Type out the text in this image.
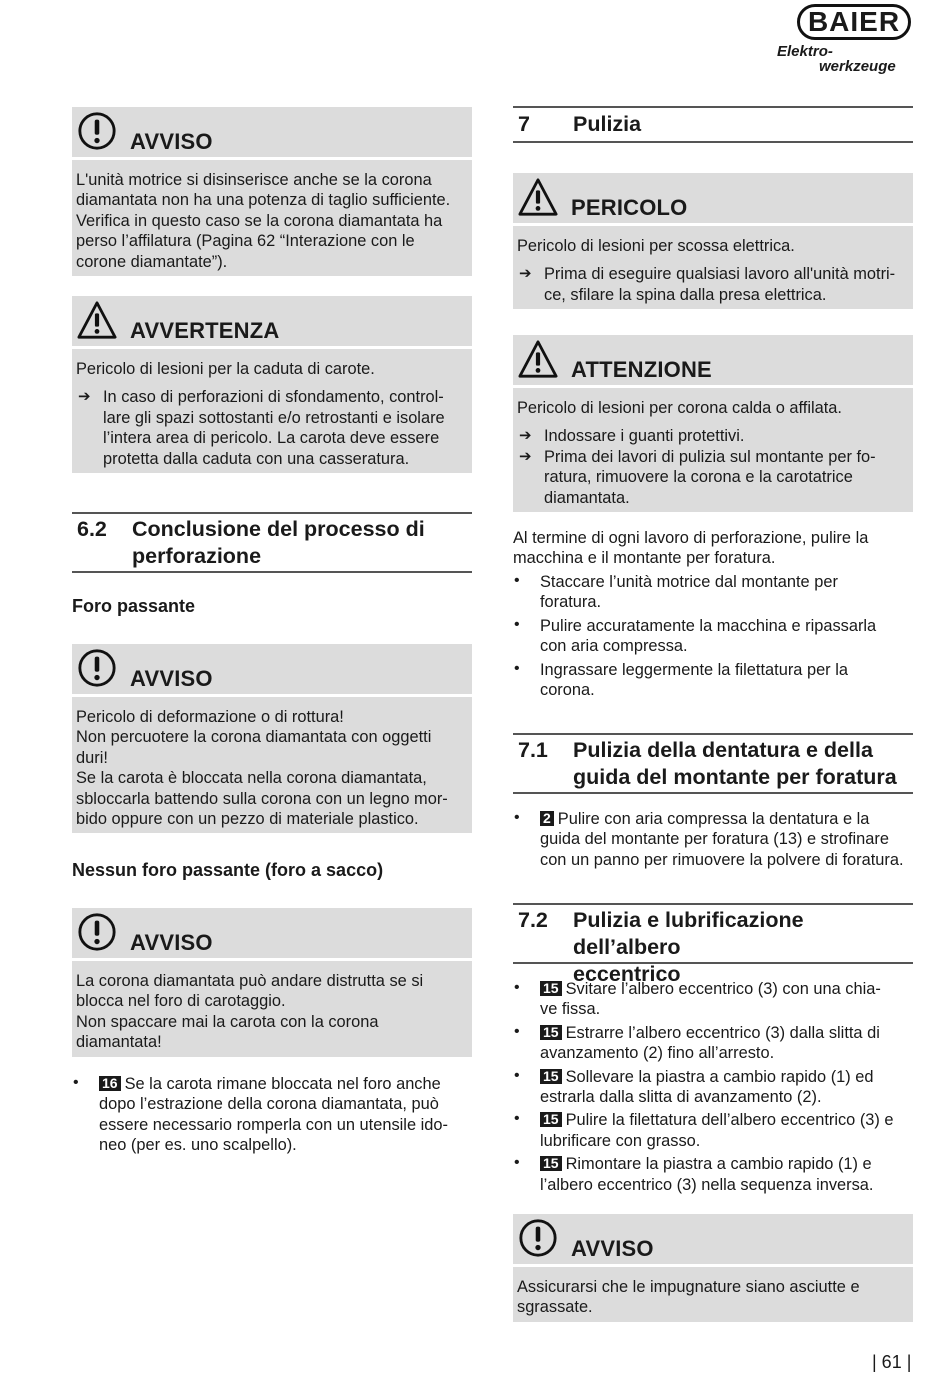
BAIER
Elektro-
werkzeuge
AVVISO

L'unità motrice si disinserisce anche se la corona

diamantata non ha una potenza di taglio sufficiente.

Verifica in questo caso se la corona diamantata ha

perso l’affilatura (Pagina 62 “Interazione con le

corone diamantate”).

AVVERTENZA

Pericolo di lesioni per la caduta di carote.

➔ In caso di perforazioni di sfondamento, control-
lare gli spazi sottostanti e/o retrostanti e isolare
l’intera area di pericolo. La carota deve essere
protetta dalla caduta con una casseratura.
6.2 Conclusione del processo di
perforazione
Foro passante
AVVISO

Pericolo di deformazione o di rottura!

Non percuotere la corona diamantata con oggetti

duri!

Se la carota è bloccata nella corona diamantata,

sbloccarla battendo sulla corona con un legno mor-

bido oppure con un pezzo di materiale plastico.

Nessun foro passante (foro a sacco)
AVVISO

La corona diamantata può andare distrutta se si

blocca nel foro di carotaggio.

Non spaccare mai la carota con la corona

diamantata!

• 16 Se la carota rimane bloccata nel foro anche
dopo l’estrazione della corona diamantata, può
essere necessario romperla con un utensile ido-
neo (per es. uno scalpello).
7 Pulizia
PERICOLO

Pericolo di lesioni per scossa elettrica.

➔ Prima di eseguire qualsiasi lavoro all'unità motri-
ce, sfilare la spina dalla presa elettrica.
ATTENZIONE

Pericolo di lesioni per corona calda o affilata.

➔ Indossare i guanti protettivi.
➔ Prima dei lavori di pulizia sul montante per fo-
ratura, rimuovere la corona e la carotatrice
diamantata.
Al termine di ogni lavoro di perforazione, pulire la
macchina e il montante per foratura.
• Staccare l’unità motrice dal montante per
foratura.
• Pulire accuratamente la macchina e ripassarla
con aria compressa.
• Ingrassare leggermente la filettatura per la
corona.
7.1 Pulizia della dentatura e della
guida del montante per foratura
• 2 Pulire con aria compressa la dentatura e la
guida del montante per foratura (13) e strofinare
con un panno per rimuovere la polvere di foratura.
7.2 Pulizia e lubrificazione dell’albero
eccentrico
• 15 Svitare l’albero eccentrico (3) con una chia-
ve fissa.
• 15 Estrarre l’albero eccentrico (3) dalla slitta di
avanzamento (2) fino all’arresto.
• 15 Sollevare la piastra a cambio rapido (1) ed
estrarla dalla slitta di avanzamento (2).
• 15 Pulire la filettatura dell’albero eccentrico (3) e
lubrificare con grasso.
• 15 Rimontare la piastra a cambio rapido (1) e
l’albero eccentrico (3) nella sequenza inversa.
AVVISO

Assicurarsi che le impugnature siano asciutte e

sgrassate.

| 61 |
